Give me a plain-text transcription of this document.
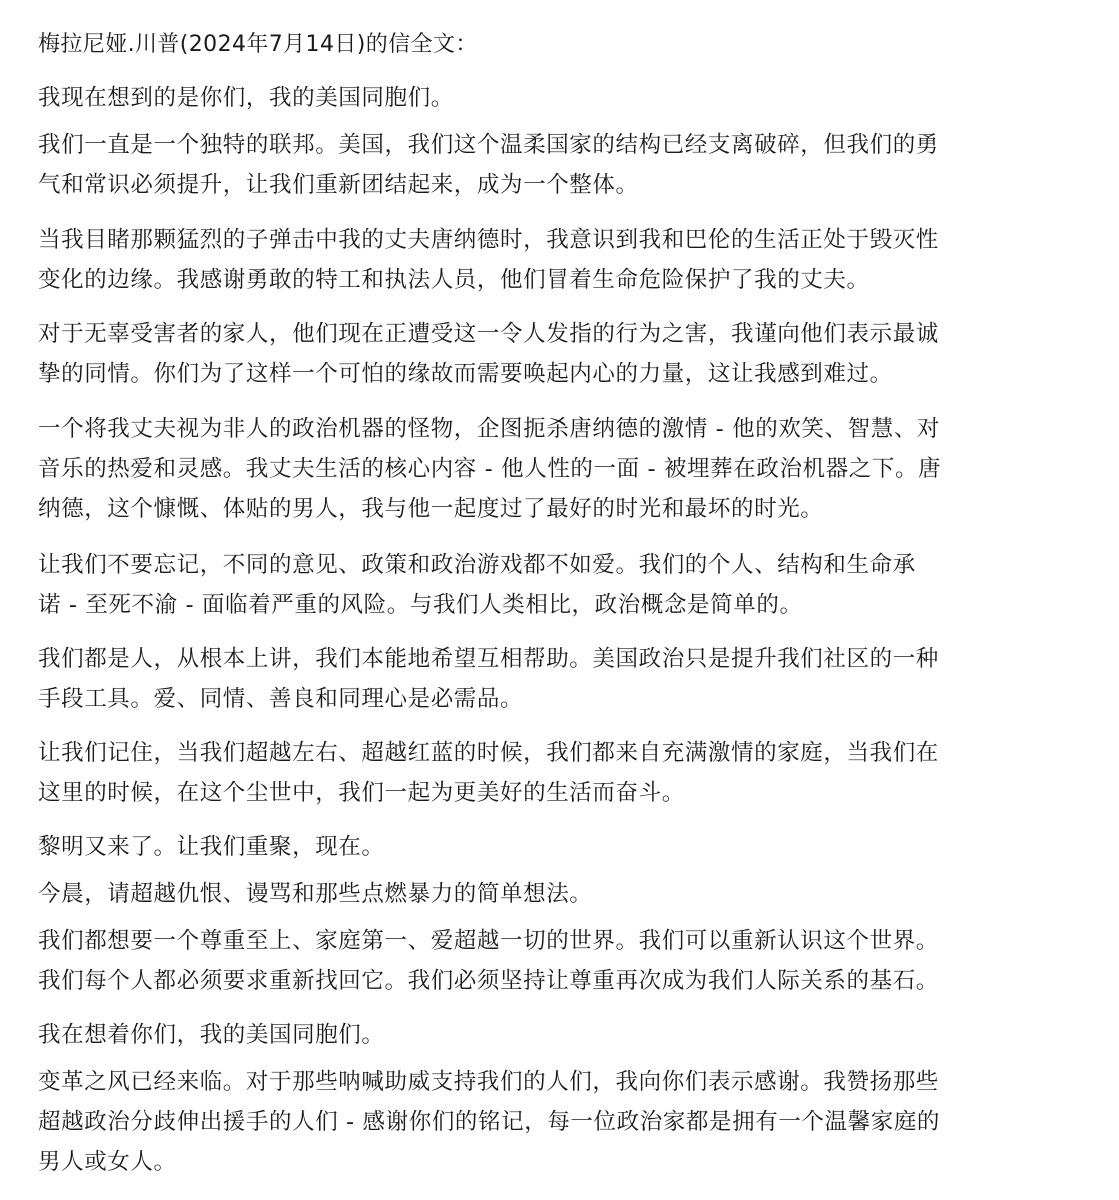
梅拉尼娅.川普(2024年7月14日)的信全文：

我现在想到的是你们，我的美国同胞们。

我们一直是一个独特的联邦。美国，我们这个温柔国家的结构已经支离破碎，但我们的勇
气和常识必须提升，让我们重新团结起来，成为一个整体。

当我目睹那颗猛烈的子弹击中我的丈夫唐纳德时，我意识到我和巴伦的生活正处于毁灭性
变化的边缘。我感谢勇敢的特工和执法人员，他们冒着生命危险保护了我的丈夫。

对于无辜受害者的家人，他们现在正遭受这一令人发指的行为之害，我谨向他们表示最诚
挚的同情。你们为了这样一个可怕的缘故而需要唤起内心的力量，这让我感到难过。

一个将我丈夫视为非人的政治机器的怪物，企图扼杀唐纳德的激情 - 他的欢笑、智慧、对
音乐的热爱和灵感。我丈夫生活的核心内容 - 他人性的一面 - 被埋葬在政治机器之下。唐
纳德，这个慷慨、体贴的男人，我与他一起度过了最好的时光和最坏的时光。

让我们不要忘记，不同的意见、政策和政治游戏都不如爱。我们的个人、结构和生命承
诺 - 至死不渝 - 面临着严重的风险。与我们人类相比，政治概念是简单的。

我们都是人，从根本上讲，我们本能地希望互相帮助。美国政治只是提升我们社区的一种
手段工具。爱、同情、善良和同理心是必需品。

让我们记住，当我们超越左右、超越红蓝的时候，我们都来自充满激情的家庭，当我们在
这里的时候，在这个尘世中，我们一起为更美好的生活而奋斗。

黎明又来了。让我们重聚，现在。

今晨，请超越仇恨、谩骂和那些点燃暴力的简单想法。

我们都想要一个尊重至上、家庭第一、爱超越一切的世界。我们可以重新认识这个世界。
我们每个人都必须要求重新找回它。我们必须坚持让尊重再次成为我们人际关系的基石。

我在想着你们，我的美国同胞们。

变革之风已经来临。对于那些呐喊助威支持我们的人们，我向你们表示感谢。我赞扬那些
超越政治分歧伸出援手的人们 - 感谢你们的铭记，每一位政治家都是拥有一个温馨家庭的
男人或女人。
